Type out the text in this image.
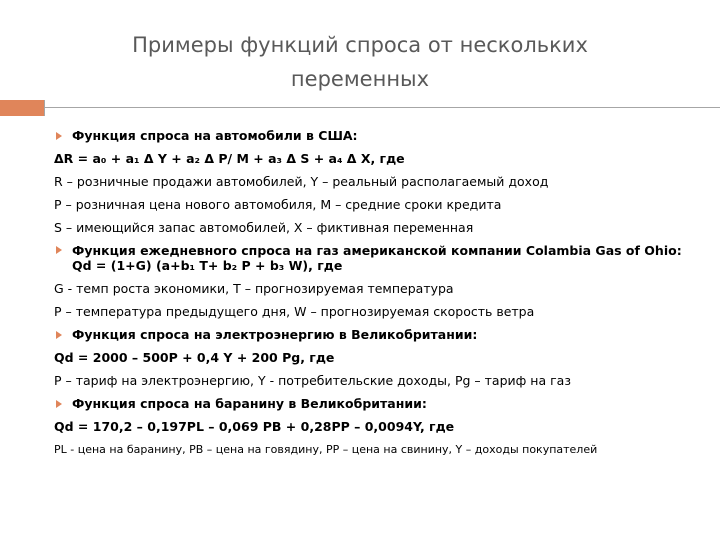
Примеры функций спроса от нескольких
переменных
Функция спроса на автомобили в США:
ΔR = a₀ + a₁ Δ Y + a₂ Δ P/ M + a₃ Δ S + a₄ Δ X, где
R – розничные продажи автомобилей, Y – реальный располагаемый доход
P – розничная цена нового автомобиля, M – средние сроки кредита
S – имеющийся запас автомобилей, X – фиктивная переменная
Функция ежедневного спроса на газ американской компании Colambia Gas of Ohio: Qd = (1+G) (a+b₁ T+ b₂ P + b₃ W), где
G - темп роста экономики, T – прогнозируемая температура
P – температура предыдущего дня, W – прогнозируемая скорость ветра
Функция спроса на электроэнергию в Великобритании:
Qd = 2000 – 500P + 0,4 Y + 200 Pg, где
P – тариф на электроэнергию, Y - потребительские доходы, Pg – тариф на газ
Функция спроса на баранину в Великобритании:
Qd = 170,2 – 0,197PL – 0,069 PB + 0,28PP – 0,0094Y, где
PL - цена на баранину, PB – цена на говядину, PP – цена на свинину, Y – доходы покупателей
